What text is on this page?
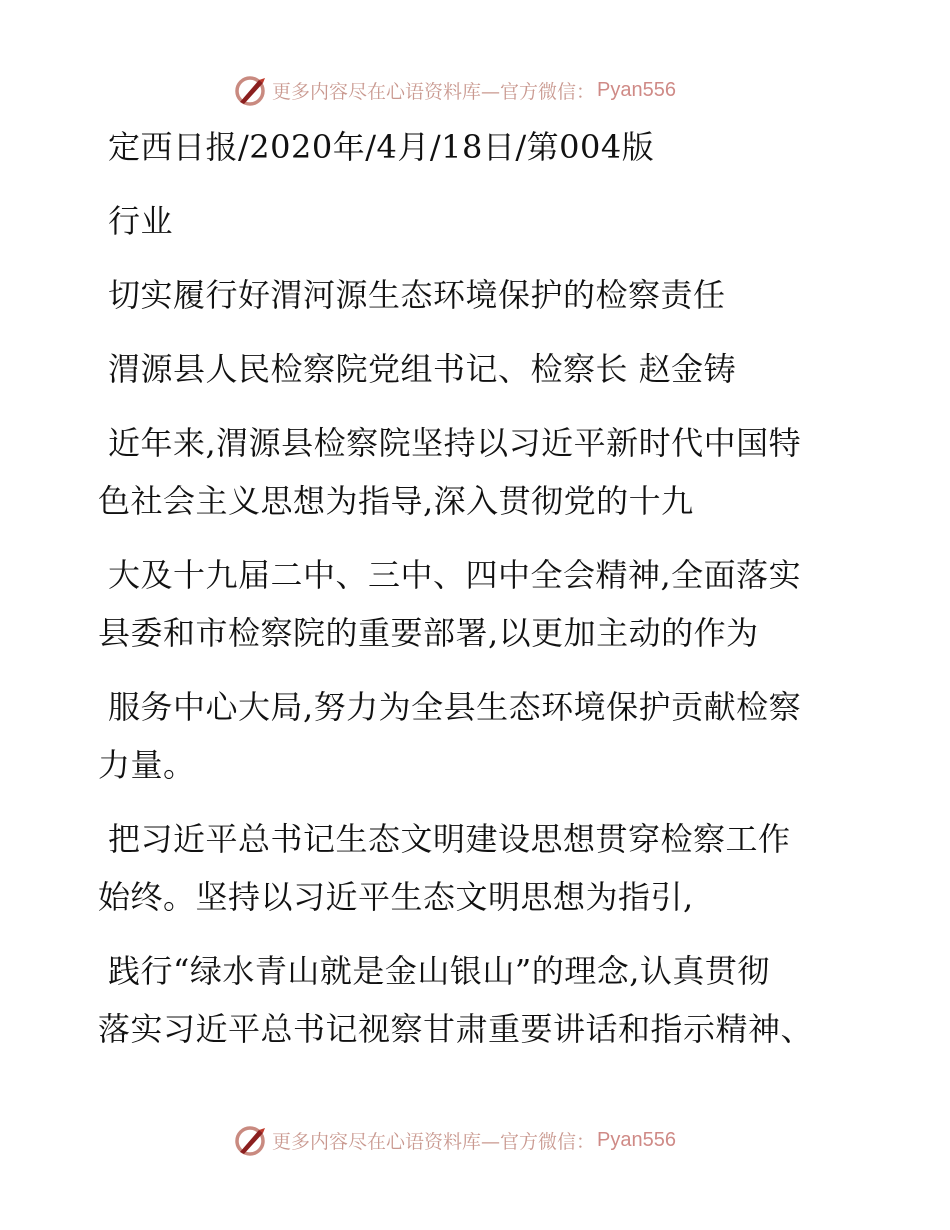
更多内容尽在心语资料库—官方微信： Pyan556
定西日报/2020年/4月/18日/第004版
行业
切实履行好渭河源生态环境保护的检察责任
渭源县人民检察院党组书记、检察长 赵金铸
近年来,渭源县检察院坚持以习近平新时代中国特
色社会主义思想为指导,深入贯彻党的十九
大及十九届二中、三中、四中全会精神,全面落实
县委和市检察院的重要部署,以更加主动的作为
服务中心大局,努力为全县生态环境保护贡献检察
力量。
把习近平总书记生态文明建设思想贯穿检察工作
始终。坚持以习近平生态文明思想为指引,
践行“绿水青山就是金山银山”的理念,认真贯彻
落实习近平总书记视察甘肃重要讲话和指示精神、
更多内容尽在心语资料库—官方微信： Pyan556
